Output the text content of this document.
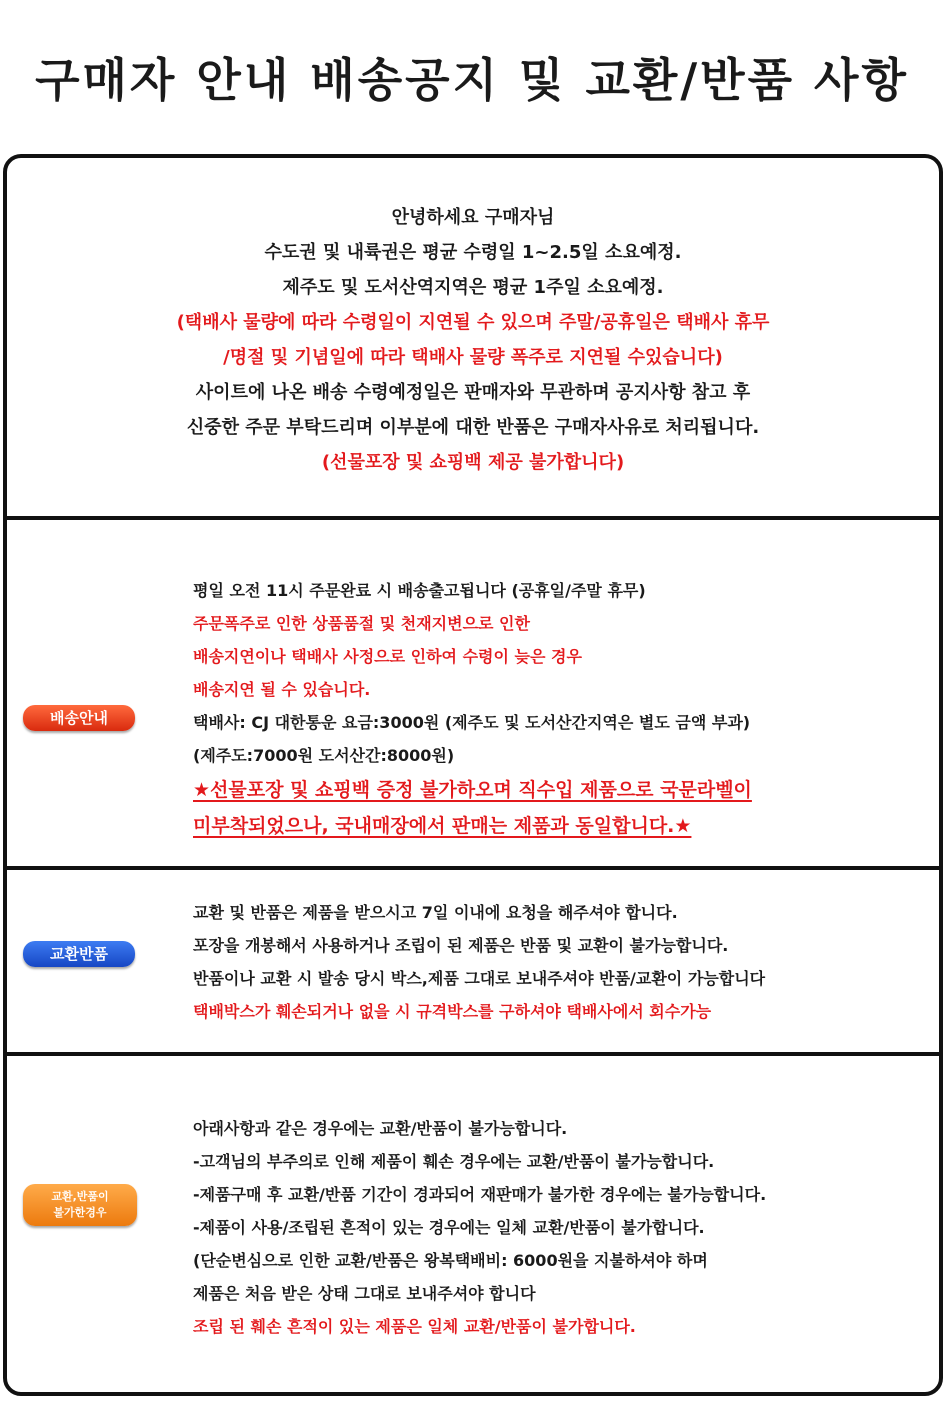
구매자 안내 배송공지 및 교환/반품 사항
안녕하세요 구매자님
수도권 및 내륙권은 평균 수령일 1~2.5일 소요예정.
제주도 및 도서산역지역은 평균 1주일 소요예정.
(택배사 물량에 따라 수령일이 지연될 수 있으며 주말/공휴일은 택배사 휴무
/명절 및 기념일에 따라 택배사 물량 폭주로 지연될 수있습니다)
사이트에 나온 배송 수령예정일은 판매자와 무관하며 공지사항 참고 후
신중한 주문 부탁드리며 이부분에 대한 반품은 구매자사유로 처리됩니다.
(선물포장 및 쇼핑백 제공 불가합니다)
배송안내
평일 오전 11시 주문완료 시 배송출고됩니다 (공휴일/주말 휴무)
주문폭주로 인한 상품품절 및 천재지변으로 인한
배송지연이나 택배사 사정으로 인하여 수령이 늦은 경우
배송지연 될 수 있습니다.
택배사: CJ 대한통운 요금:3000원 (제주도 및 도서산간지역은 별도 금액 부과)
(제주도:7000원 도서산간:8000원)
★선물포장 및 쇼핑백 증정 불가하오며 직수입 제품으로 국문라벨이
미부착되었으나, 국내매장에서 판매는 제품과 동일합니다.★
교환반품
교환 및 반품은 제품을 받으시고 7일 이내에 요청을 해주셔야 합니다.
포장을 개봉해서 사용하거나 조립이 된 제품은 반품 및 교환이 불가능합니다.
반품이나 교환 시 발송 당시 박스,제품 그대로 보내주셔야 반품/교환이 가능합니다
택배박스가 훼손되거나 없을 시 규격박스를 구하셔야 택배사에서 회수가능
교환,반품이
불가한경우
아래사항과 같은 경우에는 교환/반품이 불가능합니다.
-고객님의 부주의로 인해 제품이 훼손 경우에는 교환/반품이 불가능합니다.
-제품구매 후 교환/반품 기간이 경과되어 재판매가 불가한 경우에는 불가능합니다.
-제품이 사용/조립된 흔적이 있는 경우에는 일체 교환/반품이 불가합니다.
(단순변심으로 인한 교환/반품은 왕복택배비: 6000원을 지불하셔야 하며
제품은 처음 받은 상태 그대로 보내주셔야 합니다
조립 된 훼손 흔적이 있는 제품은 일체 교환/반품이 불가합니다.
